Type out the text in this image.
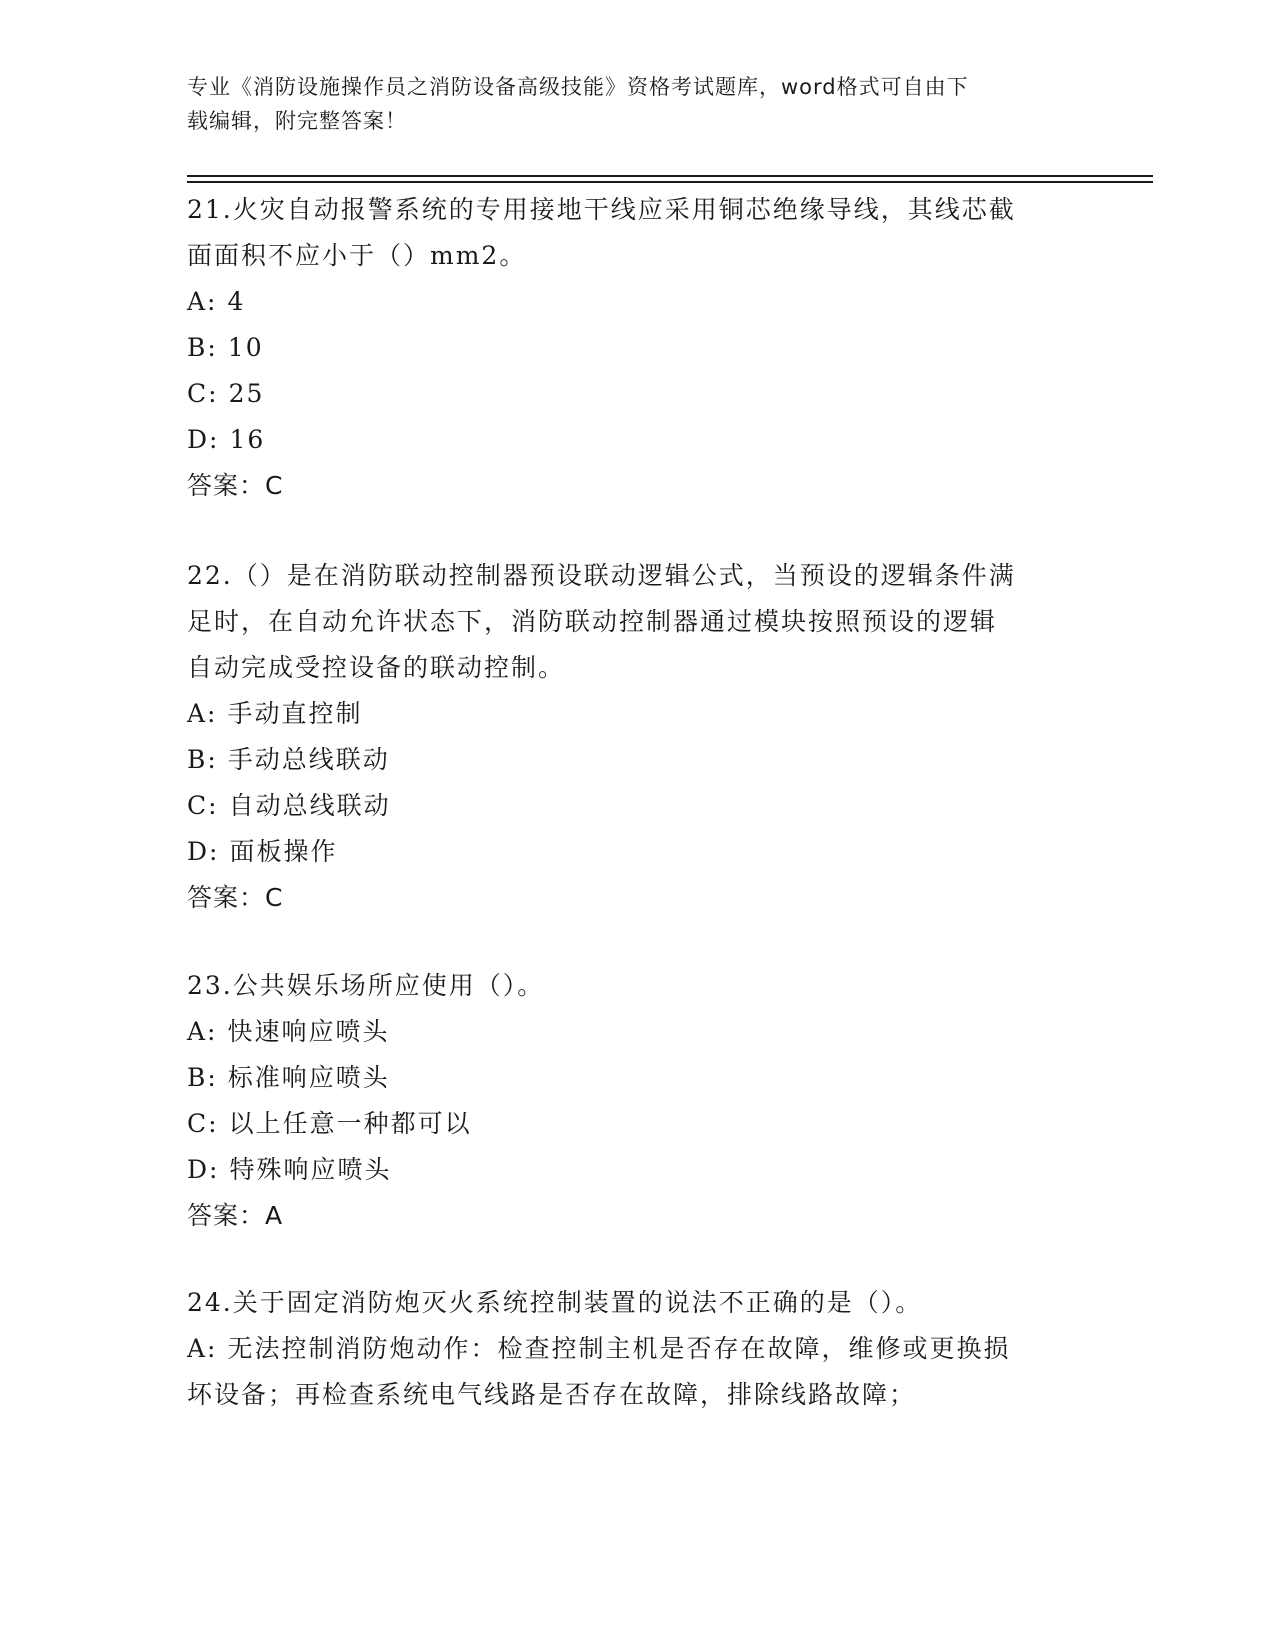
专业《消防设施操作员之消防设备高级技能》资格考试题库，word格式可自由下
载编辑，附完整答案！
21.火灾自动报警系统的专用接地干线应采用铜芯绝缘导线，其线芯截
面面积不应小于（）mm2。
A: 4
B: 10
C: 25
D: 16
答案：C
22.（）是在消防联动控制器预设联动逻辑公式，当预设的逻辑条件满
足时，在自动允许状态下，消防联动控制器通过模块按照预设的逻辑
自动完成受控设备的联动控制。
A: 手动直控制
B: 手动总线联动
C: 自动总线联动
D: 面板操作
答案：C
23.公共娱乐场所应使用（）。
A: 快速响应喷头
B: 标准响应喷头
C: 以上任意一种都可以
D: 特殊响应喷头
答案：A
24.关于固定消防炮灭火系统控制装置的说法不正确的是（）。
A: 无法控制消防炮动作：检查控制主机是否存在故障，维修或更换损
坏设备；再检查系统电气线路是否存在故障，排除线路故障；
